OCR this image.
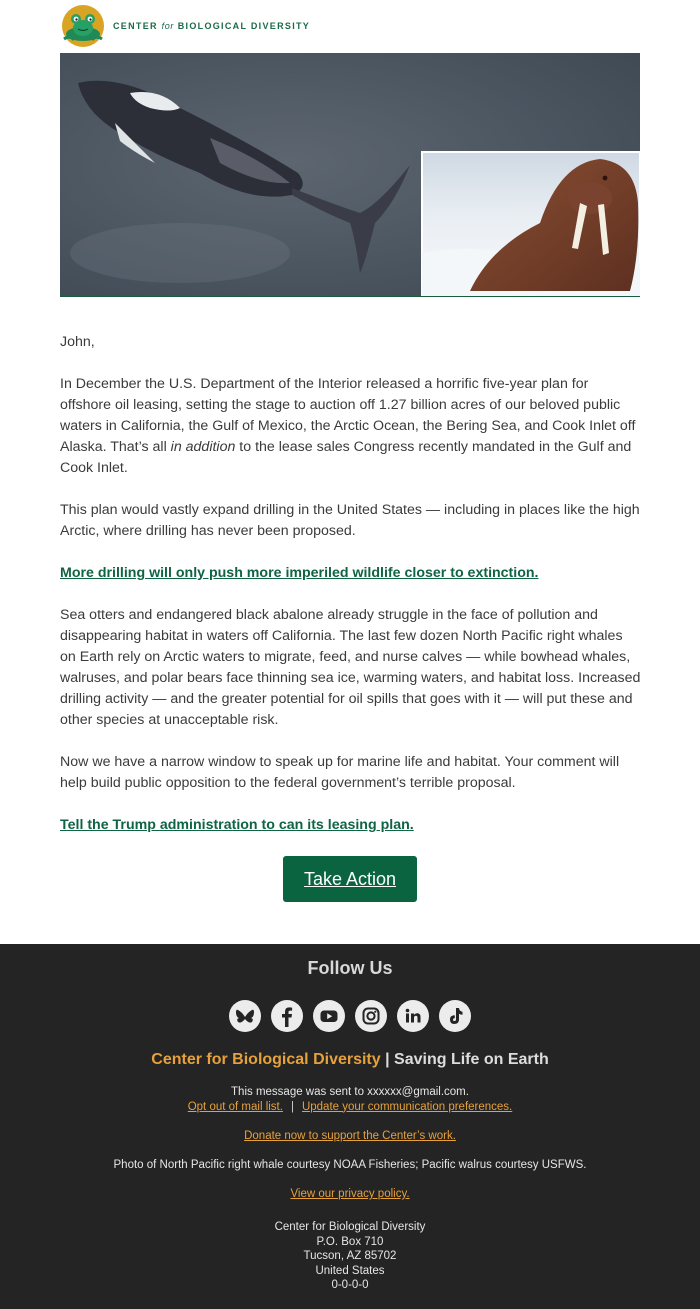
CENTER for BIOLOGICAL DIVERSITY

John,

In December the U.S. Department of the Interior released a horrific five-year plan for offshore oil leasing, setting the stage to auction off 1.27 billion acres of our beloved public waters in California, the Gulf of Mexico, the Arctic Ocean, the Bering Sea, and Cook Inlet off Alaska. That’s all in addition to the lease sales Congress recently mandated in the Gulf and Cook Inlet.

This plan would vastly expand drilling in the United States — including in places like the high Arctic, where drilling has never been proposed.

More drilling will only push more imperiled wildlife closer to extinction.

Sea otters and endangered black abalone already struggle in the face of pollution and disappearing habitat in waters off California. The last few dozen North Pacific right whales on Earth rely on Arctic waters to migrate, feed, and nurse calves — while bowhead whales, walruses, and polar bears face thinning sea ice, warming waters, and habitat loss. Increased drilling activity — and the greater potential for oil spills that goes with it — will put these and other species at unacceptable risk.

Now we have a narrow window to speak up for marine life and habitat. Your comment will help build public opposition to the federal government’s terrible proposal.

Tell the Trump administration to can its leasing plan.

Take Action
Follow Us
Center for Biological Diversity | Saving Life on Earth
This message was sent to xxxxxx@gmail.com.
Opt out of mail list. | Update your communication preferences.
Donate now to support the Center’s work.
Photo of North Pacific right whale courtesy NOAA Fisheries; Pacific walrus courtesy USFWS.
View our privacy policy.
Center for Biological Diversity
P.O. Box 710
Tucson, AZ 85702
United States
0-0-0-0
